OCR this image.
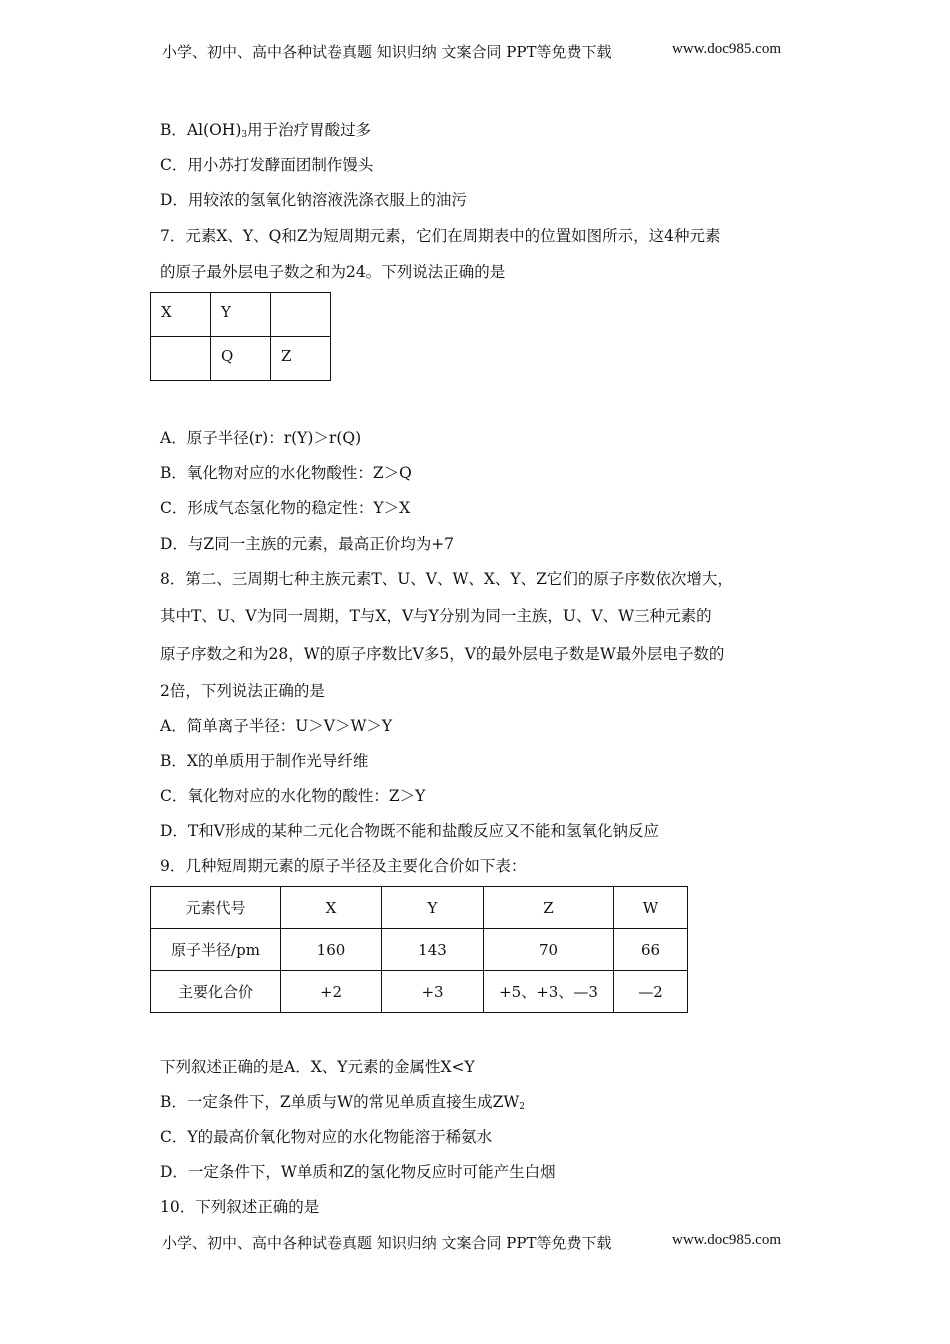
小学、初中、高中各种试卷真题 知识归纳 文案合同 PPT等免费下载	www.doc985.com
B．$Al(OH)_3$用于治疗胃酸过多
C．用小苏打发酵面团制作馒头
D．用较浓的氢氧化钠溶液洗涤衣服上的油污
7．元素X、Y、Q和Z为短周期元素，它们在周期表中的位置如图所示，这4种元素
的原子最外层电子数之和为24。下列说法正确的是
X	Y	
	Q	Z
A．原子半径(r)：r(Y)＞r(Q)
B．氧化物对应的水化物酸性：Z＞Q
C．形成气态氢化物的稳定性：Y＞X
D．与Z同一主族的元素，最高正价均为+7
8．第二、三周期七种主族元素T、U、V、W、X、Y、Z它们的原子序数依次增大，
其中T、U、V为同一周期，T与X，V与Y分别为同一主族，U、V、W三种元素的
原子序数之和为28，W的原子序数比V多5，V的最外层电子数是W最外层电子数的
2倍，下列说法正确的是
A．简单离子半径：U＞V＞W＞Y
B．X的单质用于制作光导纤维
C．氧化物对应的水化物的酸性：Z＞Y
D．T和V形成的某种二元化合物既不能和盐酸反应又不能和氢氧化钠反应
9．几种短周期元素的原子半径及主要化合价如下表：
元素代号	X	Y	Z	W
原子半径/pm	160	143	70	66
主要化合价	+2	+3	+5、+3、—3	—2
下列叙述正确的是A．X、Y元素的金属性X<Y
B．一定条件下，Z单质与W的常见单质直接生成$ZW_2$
C．Y的最高价氧化物对应的水化物能溶于稀氨水
D．一定条件下，W单质和Z的氢化物反应时可能产生白烟
10．下列叙述正确的是
小学、初中、高中各种试卷真题 知识归纳 文案合同 PPT等免费下载	www.doc985.com
